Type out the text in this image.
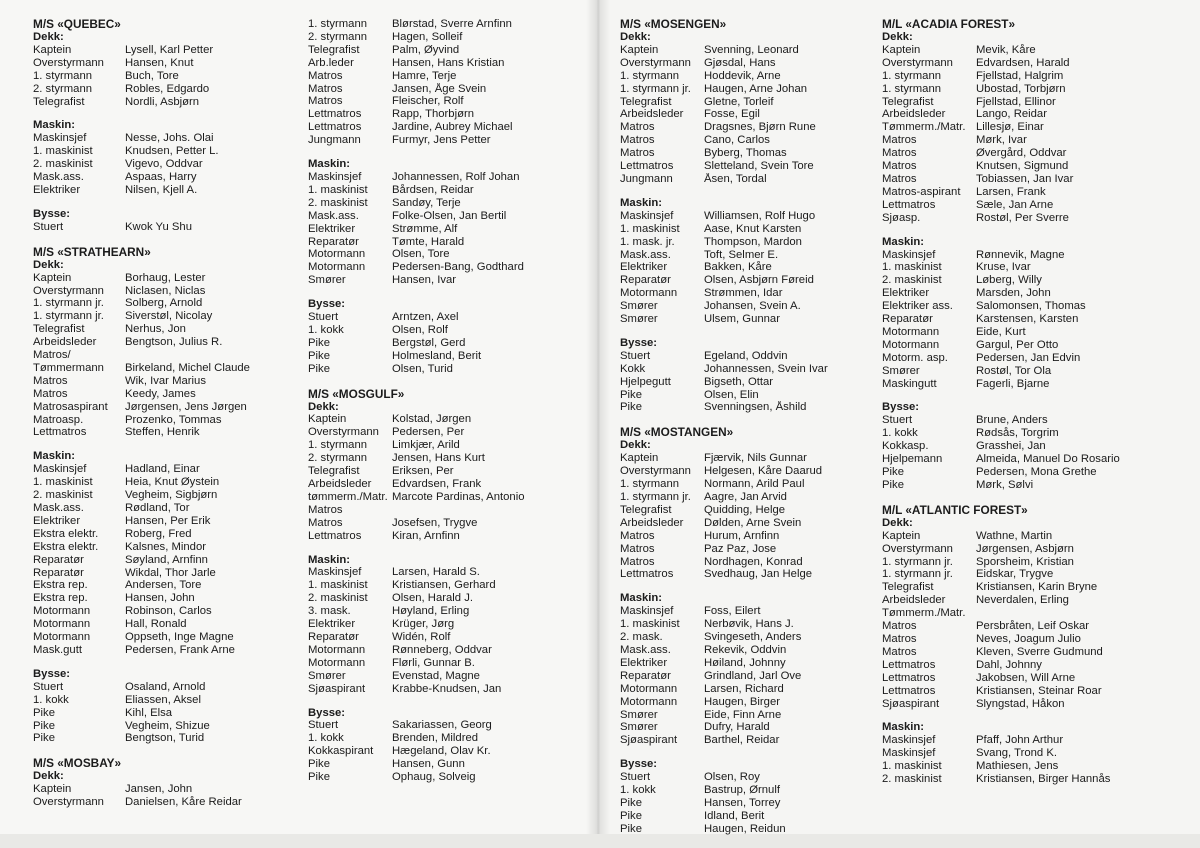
M/S «QUEBEC»
Dekk:
Kaptein	Lysell, Karl Petter
Overstyrmann	Hansen, Knut
1. styrmann	Buch, Tore
2. styrmann	Robles, Edgardo
Telegrafist	Nordli, Asbjørn
Maskin:
Maskinsjef	Nesse, Johs. Olai
1. maskinist	Knudsen, Petter L.
2. maskinist	Vigevo, Oddvar
Mask.ass.	Aspaas, Harry
Elektriker	Nilsen, Kjell A.
Bysse:
Stuert	Kwok Yu Shu
M/S «STRATHEARN»
Dekk:
Kaptein	Borhaug, Lester
Overstyrmann	Niclasen, Niclas
1. styrmann jr.	Solberg, Arnold
1. styrmann jr.	Siverstøl, Nicolay
Telegrafist	Nerhus, Jon
Arbeidsleder	Bengtson, Julius R.
Matros/
Tømmermann	Birkeland, Michel Claude
Matros	Wik, Ivar Marius
Matros	Keedy, James
Matrosaspirant	Jørgensen, Jens Jørgen
Matroasp.	Prozenko, Tommas
Lettmatros	Steffen, Henrik
Maskin:
Maskinsjef	Hadland, Einar
1. maskinist	Heia, Knut Øystein
2. maskinist	Vegheim, Sigbjørn
Mask.ass.	Rødland, Tor
Elektriker	Hansen, Per Erik
Ekstra elektr.	Roberg, Fred
Ekstra elektr.	Kalsnes, Mindor
Reparatør	Søyland, Arnfinn
Reparatør	Wikdal, Thor Jarle
Ekstra rep.	Andersen, Tore
Ekstra rep.	Hansen, John
Motormann	Robinson, Carlos
Motormann	Hall, Ronald
Motormann	Oppseth, Inge Magne
Mask.gutt	Pedersen, Frank Arne
Bysse:
Stuert	Osaland, Arnold
1. kokk	Eliassen, Aksel
Pike	Kihl, Elsa
Pike	Vegheim, Shizue
Pike	Bengtson, Turid
M/S «MOSBAY»
Dekk:
Kaptein	Jansen, John
Overstyrmann	Danielsen, Kåre Reidar
1. styrmann	Blørstad, Sverre Arnfinn
2. styrmann	Hagen, Solleif
Telegrafist	Palm, Øyvind
Arb.leder	Hansen, Hans Kristian
Matros	Hamre, Terje
Matros	Jansen, Åge Svein
Matros	Fleischer, Rolf
Lettmatros	Rapp, Thorbjørn
Lettmatros	Jardine, Aubrey Michael
Jungmann	Furmyr, Jens Petter
Maskin:
Maskinsjef	Johannessen, Rolf Johan
1. maskinist	Bårdsen, Reidar
2. maskinist	Sandøy, Terje
Mask.ass.	Folke-Olsen, Jan Bertil
Elektriker	Strømme, Alf
Reparatør	Tømte, Harald
Motormann	Olsen, Tore
Motormann	Pedersen-Bang, Godthard
Smører	Hansen, Ivar
Bysse:
Stuert	Arntzen, Axel
1. kokk	Olsen, Rolf
Pike	Bergstøl, Gerd
Pike	Holmesland, Berit
Pike	Olsen, Turid
M/S «MOSGULF»
Dekk:
Kaptein	Kolstad, Jørgen
Overstyrmann	Pedersen, Per
1. styrmann	Limkjær, Arild
2. styrmann	Jensen, Hans Kurt
Telegrafist	Eriksen, Per
Arbeidsleder	Edvardsen, Frank
tømmerm./Matr. Marcote Pardinas, Antonio
Matros
Matros	Josefsen, Trygve
Lettmatros	Kiran, Arnfinn
Maskin:
Maskinsjef	Larsen, Harald S.
1. maskinist	Kristiansen, Gerhard
2. maskinist	Olsen, Harald J.
3. mask.	Høyland, Erling
Elektriker	Krüger, Jørg
Reparatør	Widén, Rolf
Motormann	Rønneberg, Oddvar
Motormann	Flørli, Gunnar B.
Smører	Evenstad, Magne
Sjøaspirant	Krabbe-Knudsen, Jan
Bysse:
Stuert	Sakariassen, Georg
1. kokk	Brenden, Mildred
Kokkaspirant	Hægeland, Olav Kr.
Pike	Hansen, Gunn
Pike	Ophaug, Solveig
M/S «MOSENGEN»
Dekk:
Kaptein	Svenning, Leonard
Overstyrmann	Gjøsdal, Hans
1. styrmann	Hoddevik, Arne
1. styrmann jr.	Haugen, Arne Johan
Telegrafist	Gletne, Torleif
Arbeidsleder	Fosse, Egil
Matros	Dragsnes, Bjørn Rune
Matros	Cano, Carlos
Matros	Byberg, Thomas
Lettmatros	Sletteland, Svein Tore
Jungmann	Åsen, Tordal
Maskin:
Maskinsjef	Williamsen, Rolf Hugo
1. maskinist	Aase, Knut Karsten
1. mask. jr.	Thompson, Mardon
Mask.ass.	Toft, Selmer E.
Elektriker	Bakken, Kåre
Reparatør	Olsen, Asbjørn Føreid
Motormann	Strømmen, Idar
Smører	Johansen, Svein A.
Smører	Ulsem, Gunnar
Bysse:
Stuert	Egeland, Oddvin
Kokk	Johannessen, Svein Ivar
Hjelpegutt	Bigseth, Ottar
Pike	Olsen, Elin
Pike	Svenningsen, Åshild
M/S «MOSTANGEN»
Dekk:
Kaptein	Fjærvik, Nils Gunnar
Overstyrmann	Helgesen, Kåre Daarud
1. styrmann	Normann, Arild Paul
1. styrmann jr.	Aagre, Jan Arvid
Telegrafist	Quidding, Helge
Arbeidsleder	Dølden, Arne Svein
Matros	Hurum, Arnfinn
Matros	Paz Paz, Jose
Matros	Nordhagen, Konrad
Lettmatros	Svedhaug, Jan Helge
Maskin:
Maskinsjef	Foss, Eilert
1. maskinist	Nerbøvik, Hans J.
2. mask.	Svingeseth, Anders
Mask.ass.	Rekevik, Oddvin
Elektriker	Høiland, Johnny
Reparatør	Grindland, Jarl Ove
Motormann	Larsen, Richard
Motormann	Haugen, Birger
Smører	Eide, Finn Arne
Smører	Dufry, Harald
Sjøaspirant	Barthel, Reidar
Bysse:
Stuert	Olsen, Roy
1. kokk	Bastrup, Ørnulf
Pike	Hansen, Torrey
Pike	Idland, Berit
Pike	Haugen, Reidun
M/L «ACADIA FOREST»
Dekk:
Kaptein	Mevik, Kåre
Overstyrmann	Edvardsen, Harald
1. styrmann	Fjellstad, Halgrim
1. styrmann	Ubostad, Torbjørn
Telegrafist	Fjellstad, Ellinor
Arbeidsleder	Lango, Reidar
Tømmerm./Matr. Lillesjø, Einar
Matros	Mørk, Ivar
Matros	Øvergård, Oddvar
Matros	Knutsen, Sigmund
Matros	Tobiassen, Jan Ivar
Matros-aspirant	Larsen, Frank
Lettmatros	Sæle, Jan Arne
Sjøasp.	Rostøl, Per Sverre
Maskin:
Maskinsjef	Rønnevik, Magne
1. maskinist	Kruse, Ivar
2. maskinist	Løberg, Willy
Elektriker	Marsden, John
Elektriker ass.	Salomonsen, Thomas
Reparatør	Karstensen, Karsten
Motormann	Eide, Kurt
Motormann	Gargul, Per Otto
Motorm. asp.	Pedersen, Jan Edvin
Smører	Rostøl, Tor Ola
Maskingutt	Fagerli, Bjarne
Bysse:
Stuert	Brune, Anders
1. kokk	Rødsås, Torgrim
Kokkasp.	Grasshei, Jan
Hjelpemann	Almeida, Manuel Do Rosario
Pike	Pedersen, Mona Grethe
Pike	Mørk, Sølvi
M/L «ATLANTIC FOREST»
Dekk:
Kaptein	Wathne, Martin
Overstyrmann	Jørgensen, Asbjørn
1. styrmann jr.	Sporsheim, Kristian
1. styrmann jr.	Eidskar, Trygve
Telegrafist	Kristiansen, Karin Bryne
Arbeidsleder	Neverdalen, Erling
Tømmerm./Matr.
Matros	Persbråten, Leif Oskar
Matros	Neves, Joagum Julio
Matros	Kleven, Sverre Gudmund
Lettmatros	Dahl, Johnny
Lettmatros	Jakobsen, Will Arne
Lettmatros	Kristiansen, Steinar Roar
Sjøaspirant	Slyngstad, Håkon
Maskin:
Maskinsjef	Pfaff, John Arthur
Maskinsjef	Svang, Trond K.
1. maskinist	Mathiesen, Jens
2. maskinist	Kristiansen, Birger Hannås
